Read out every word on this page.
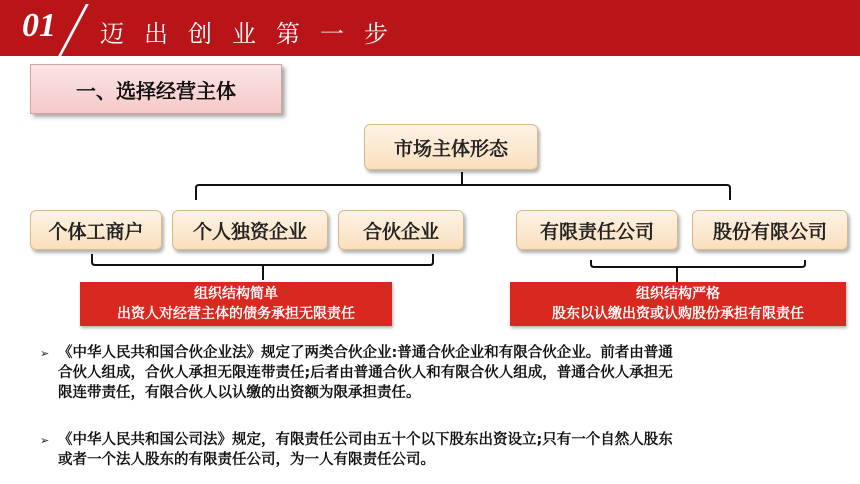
01 迈出创业第一步
一、选择经营主体
市场主体形态
个体工商户	个人独资企业	合伙企业	有限责任公司	股份有限公司
组织结构简单
出资人对经营主体的债务承担无限责任
组织结构严格
股东以认缴出资或认购股份承担有限责任
➢ 《中华人民共和国合伙企业法》规定了两类合伙企业:普通合伙企业和有限合伙企业。前者由普通
合伙人组成，合伙人承担无限连带责任;后者由普通合伙人和有限合伙人组成，普通合伙人承担无
限连带责任，有限合伙人以认缴的出资额为限承担责任。
➢ 《中华人民共和国公司法》规定，有限责任公司由五十个以下股东出资设立;只有一个自然人股东
或者一个法人股东的有限责任公司，为一人有限责任公司。
